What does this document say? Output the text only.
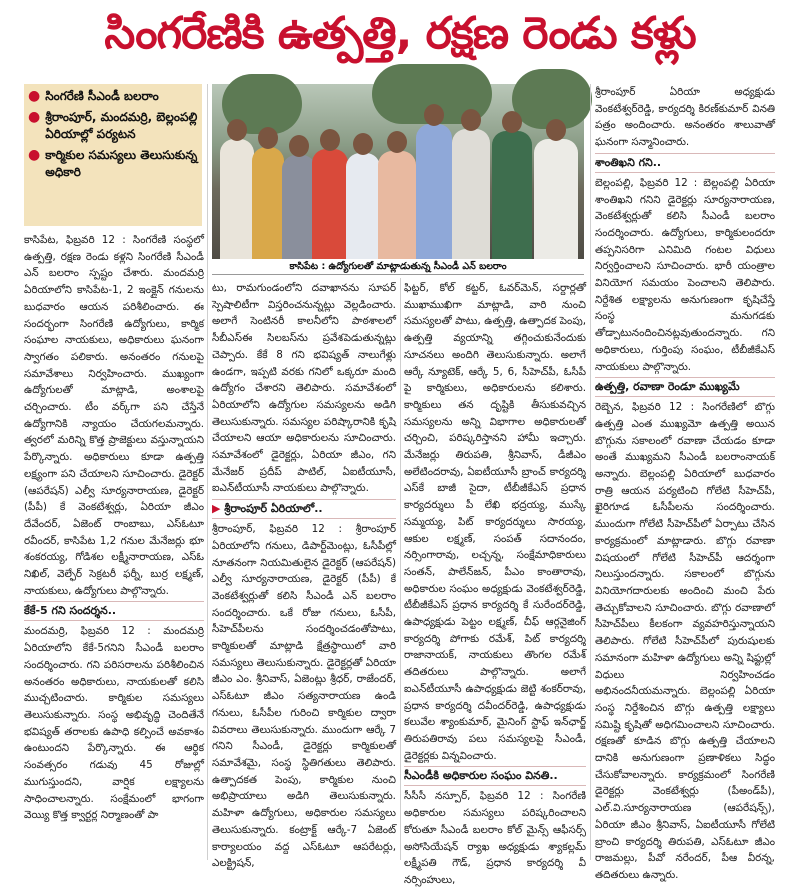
సింగరేణికి ఉత్పత్తి, రక్షణ రెండు కళ్లు
● సింగరేణి సీఎండీ బలరాం
● శ్రీరాంపూర్, మందమర్రి, బెల్లంపల్లి ఏరియాల్లో పర్యటన
● కార్మికుల సమస్యలు తెలుసుకున్న అధికారి
కాసిపేట : ఉద్యోగులతో మాట్లాడుతున్న సీఎండీ ఎన్ బలరాం

కాసిపేట, ఫిబ్రవరి 12 : సింగరేణి సంస్థలో ఉత్పత్తి, రక్షణ రెండు కళ్లని సింగరేణి సీఎండీ ఎన్ బలరాం స్పష్టం చేశారు. మందమర్రి ఏరియాలోని కాసిపేట-1, 2 ఇంక్లైన్ గనులను బుధవారం ఆయన పరిశీలించారు. ఈ సందర్భంగా సింగరేణి ఉద్యోగులు, కార్మిక సంఘాల నాయకులు, అధికారులు ఘనంగా స్వాగతం పలికారు. అనంతరం గనులపై సమావేశాలు నిర్వహించారు. ముఖ్యంగా ఉద్యోగులతో మాట్లాడి, అంశాలపై చర్చించారు. టీం వర్క్‌గా పని చేస్తేనే ఉద్యోగానికి న్యాయం చేయగలమన్నారు. త్వరలో మరిన్ని కొత్త ప్రాజెక్టులు వస్తున్నాయని పేర్కొన్నారు. అధికారులు కూడా ఉత్పత్తి లక్ష్యంగా పని చేయాలని సూచించారు. డైరెక్టర్ (ఆపరేషన్) ఎల్వీ సూర్యనారాయణ, డైరెక్టర్ (పీపీ) కే వెంకటేశ్వర్లు, ఏరియా జీఎం దేవేందర్, ఏజెంట్ రాంబాబు, ఎస్ఓటూ రవీందర్, కాసిపేట 1,2 గనుల మేనేజర్లు భూ శంకరయ్య, గోడిశల లక్ష్మీనారాయణ, ఎస్ఓ నిఖిల్, వెల్ఫేర్ సెక్రటరీ ఫర్నీ, బుర్ర లక్ష్మణ్, నాయకులు, ఉద్యోగులు పాల్గొన్నారు.

కేకే-5 గని సందర్శన..

మందమర్రి, ఫిబ్రవరి 12 : మందమర్రి ఏరియాలోని కేకే-5గనిని సీఎండీ బలరాం సందర్శించారు. గని పరిసరాలను పరిశీలించిన అనంతరం అధికారులు, నాయకులతో కలిసి ముచ్చటించారు. కార్మికుల సమస్యలు తెలుసుకున్నారు. సంస్థ అభివృద్ధి చెందితేనే భవిష్యత్ తరాలకు ఉపాధి కల్పించే అవకాశం ఉంటుందని పేర్కొన్నారు. ఈ ఆర్థిక సంవత్సరం గడువు 45 రోజుల్లో ముగుస్తుందని, వార్షిక లక్ష్యాలను సాధించాలన్నారు. సంక్షేమంలో భాగంగా వెయ్యి కొత్త క్వార్టర్ల నిర్మాణంతో పా

టు, రామగుండంలోని దవాఖానను సూపర్ స్పెషాలిటీగా విస్తరించనున్నట్లు వెల్లడించారు. అలాగే సెంటినరీ కాలనీలోని పాఠశాలలో సీబీఎస్ఈ సిలబస్‌ను ప్రవేశపెడుతున్నట్లు చెప్పారు. కేకే 8 గని భవిష్యత్ నాలుగేళ్లు ఉండగా, ఇప్పటి వరకు గనిలో ఒక్కరూ మంది ఉద్యోగం చేశారని తెలిపారు. సమావేశంలో ఏరియాలోని ఉద్యోగుల సమస్యలను అడిగి తెలుసుకున్నారు. సమస్యల పరిష్కారానికి కృషి చేయాలని ఆయా అధికారులను సూచించారు. సమావేశంలో డైరెక్టర్లు, ఏరియా జీఎం, గని మేనేజర్ ప్రదీప్ పాటిల్, ఏఐటీయూసీ, ఐఎన్‌టీయూసీ నాయకులు పాల్గొన్నారు.

▶ శ్రీరాంపూర్ ఏరియాలో..

శ్రీరాంపూర్, ఫిబ్రవరి 12 : శ్రీరాంపూర్ ఏరియాలోని గనులు, డిపార్ట్‌మెంట్లు, ఓసీపీల్లో నూతనంగా నియమితులైన డైరెక్టర్ (ఆపరేషన్) ఎల్వీ సూర్యనారాయణ, డైరెక్టర్ (పీపీ) కే వెంకటేశ్వర్లుతో కలిసి సీఎండీ ఎన్ బలరాం సందర్శించారు. ఒకే రోజు గనులు, ఓసీపీ, సీహెచ్‌పీలను సందర్శించడంతోపాటు, కార్మికులతో మాట్లాడి క్షేత్రస్థాయిలో వారి సమస్యలు తెలుసుకున్నారు. డైరెక్టర్లతో ఏరియా జీఎం ఎం. శ్రీనివాస్, ఏజెంట్లు శ్రీధర్, రాజేందర్, ఎస్ఓటూ జీఎం సత్యనారాయణ ఉండి గనులు, ఓసీపీల గురించి కార్మికుల ద్వారా వివరాలు తెలుసుకున్నారు. ముందుగా ఆర్కే 7 గనిని సీఎండీ, డైరెక్టర్లు కార్మికులతో సమావేశమై, సంస్థ స్థితిగతులు తెలిపారు. ఉత్పాదకత పెంపు, కార్మికుల నుంచి అభిప్రాయాలు అడిగి తెలుసుకున్నారు. మహిళా ఉద్యోగులు, అధికారుల సమస్యలు తెలుసుకున్నారు. కంట్రాక్ట్ ఆర్కే-7 ఏజెంట్ కార్యాలయం వద్ద ఎస్ఓటూ ఆపరేటర్లు, ఎలక్ట్రిషన్,

ఫిట్టర్, కోల్ కట్టర్, ఓవర్‌మెన్, సర్దార్లతో ముఖాముఖిగా మాట్లాడి, వారి నుంచి సమస్యలతో పాటు, ఉత్పత్తి, ఉత్పాదక పెంపు, ఉత్పత్తి వ్యయాన్ని తగ్గించుకునేందుకు సూచనలు అందిగి తెలుసుకున్నారు. అలాగే ఆర్కే న్యూటెక్, ఆర్కే 5, 6, సీహెచ్‌పీ, ఓసీపీ పై కార్మికులు, అధికారులను కలిశారు. కార్మికులు తన దృష్టికి తీసుకువచ్చిన సమస్యలను అన్ని విభాగాల అధికారులతో చర్చించి, పరిష్కరిస్తానని హామీ ఇచ్చారు. మేనేజర్లు తిరుపతి, శ్రీనివాస్, డీజీఎం అలేటిందరావు, ఏఐటీయూసీ బ్రాంచ్ కార్యదర్శి ఎస్‌కే బాజీ సైదా, టీబీజీకేఎస్ ప్రధాన కార్యదర్శులు పీ లేఖి భద్రయ్య, ముస్కే సమ్మయ్య, పిట్ కార్యదర్శులు సారయ్య, ఆకుల లక్ష్మణ్, సంపత్ సదానందం, నర్సింగారావు, లచ్చన్న, సంక్షేమాధికారులు సంతన్, పాలేన్‌జన్, పీఎం కాంతారావు, అధికారుల సంఘం అధ్యక్షుడు వెంకటేశ్వర్‌రెడ్డి, టీబీజీకేఎస్ ప్రధాన కార్యదర్శి కే సురేందర్‌రెడ్డి, ఉపాధ్యక్షుడు పెట్టం లక్ష్మణ్, చీఫ్ ఆర్గనైజింగ్ కార్యదర్శి పోగాకు రమేశ్, పిట్ కార్యదర్శి రాజానాయక్, నాయకులు తొంగల రమేశ్ తదితరులు పాల్గొన్నారు. అలాగే ఐఎన్‌టీయూసీ ఉపాధ్యక్షుడు జెట్టి శంకర్‌రావు, ప్రధాన కార్యదర్శి దవీందర్‌రెడ్డి, ఉపాధ్యక్షుడు కలువేల శ్యాంకుమార్, మైనింగ్ స్టాఫ్ ఇన్‌ఛార్జ్ తిరుపతిరావు పలు సమస్యలపై సీఎండీ, డైరెక్టర్లకు విన్నవించారు.

సీఎండీకి అధికారుల సంఘం వినతి..

సీసీసీ నస్పూర్, ఫిబ్రవరి 12 : సింగరేణి అధికారుల సమస్యలు పరిష్కరించాలని కోరుతూ సీఎండీ బలరాం కోల్ మైన్స్ ఆఫీసర్స్ అసోసియేషన్ ర్యాఖ అధ్యక్షుడు శ్యాకల్లమ్ లక్ష్మీపతి గౌడ్, ప్రధాన కార్యదర్శి వీ నర్సింహులు,

శ్రీరాంపూర్ ఏరియా అధ్యక్షుడు వెంకటేశ్వర్‌రెడ్డి, కార్యదర్శి కిరణ్‌కుమార్ వినతి పత్రం అందించారు. అనంతరం శాలువాతో ఘనంగా సన్మానించారు.

శాంతిఖని గని..

బెల్లంపల్లి, ఫిబ్రవరి 12 : బెల్లంపల్లి ఏరియా శాంతిఖని గనిని డైరెక్టర్లు సూర్యనారాయణ, వెంకటేశ్వర్లుతో కలిసి సీఎండీ బలరాం సందర్శించారు. ఉద్యోగులు, కార్మికులందరూ తప్పనిసరిగా ఎనిమిది గంటల విధులు నిర్వర్తించాలని సూచించారు. భారీ యంత్రాల వినియోగ సమయం పెంచాలని తెలిపారు. నిర్దేశిత లక్ష్యాలను అనుగుణంగా కృషిచేస్తే సంస్థ మనుగడకు తోడ్పాటునందించినట్లవుతుందన్నారు. గని అధికారులు, గుర్తింపు సంఘం, టీబీజీకేఎస్ నాయకులు పాల్గొన్నారు.

ఉత్పత్తి, రవాణా రెండూ ముఖ్యమే

రెబ్బెన, ఫిబ్రవరి 12 : సింగరేణిలో బొగ్గు ఉత్పత్తి ఎంత ముఖ్యమో ఉత్పత్తి అయిన బొగ్గును సకాలంలో రవాణా చేయడం కూడా అంతే ముఖ్యమని సీఎండీ బలరాంనాయక్ అన్నారు. బెల్లంపల్లి ఏరియాలో బుధవారం రాత్రి ఆయన పర్యటించి గోలేటి సీహెచ్‌పీ, ఖైరిగూడ ఓసీపీలను సందర్శించారు. ముందుగా గోలేటి సీహెచ్‌పీలో ఏర్పాటు చేసిన కార్యక్రమంలో మాట్లాడారు. బొగ్గు రవాణా విషయంలో గోలేటి సీహెచ్‌పీ ఆదర్శంగా నిలుస్తుందన్నారు. సకాలంలో బొగ్గును వినియోగదారులకు అందించి మంచి పేరు తెచ్చుకోవాలని సూచించారు. బొగ్గు రవాణాలో సీహెచ్‌పీలు కీలకంగా వ్యవహరిస్తున్నాయని తెలిపారు. గోలేటి సీహెచ్‌పీలో పురుషులకు సమానంగా మహిళా ఉద్యోగులు అన్ని షిఫ్టుల్లో విధులు నిర్వహించడం అభినందనీయమన్నారు. బెల్లంపల్లి ఏరియా సంస్థ నిర్దేశించిన బొగ్గు ఉత్పత్తి లక్ష్యాలు సమిష్టి కృషితో అధిగమించాలని సూచించారు. రక్షణతో కూడిన బొగ్గు ఉత్పత్తి చేయాలని దానికి అనుగుణంగా ప్రణాళికలు సిద్ధం చేసుకోవాలన్నారు. కార్యక్రమంలో సింగరేణి డైరెక్టర్లు వెంకటేశ్వర్లు (పీఅండ్‌పీ), ఎల్.వి.సూర్యనారాయణ (ఆపరేషన్స్), ఏరియా జీఎం శ్రీనివాస్, ఏఐటీయూసీ గోలేటి బ్రాంచి కార్యదర్శి తిరుపతి, ఎస్ఓటూ జీఎం రాజమల్లు, పీవో నరేందర్, పీఆ వీరన్న, తదితరులు ఉన్నారు.
